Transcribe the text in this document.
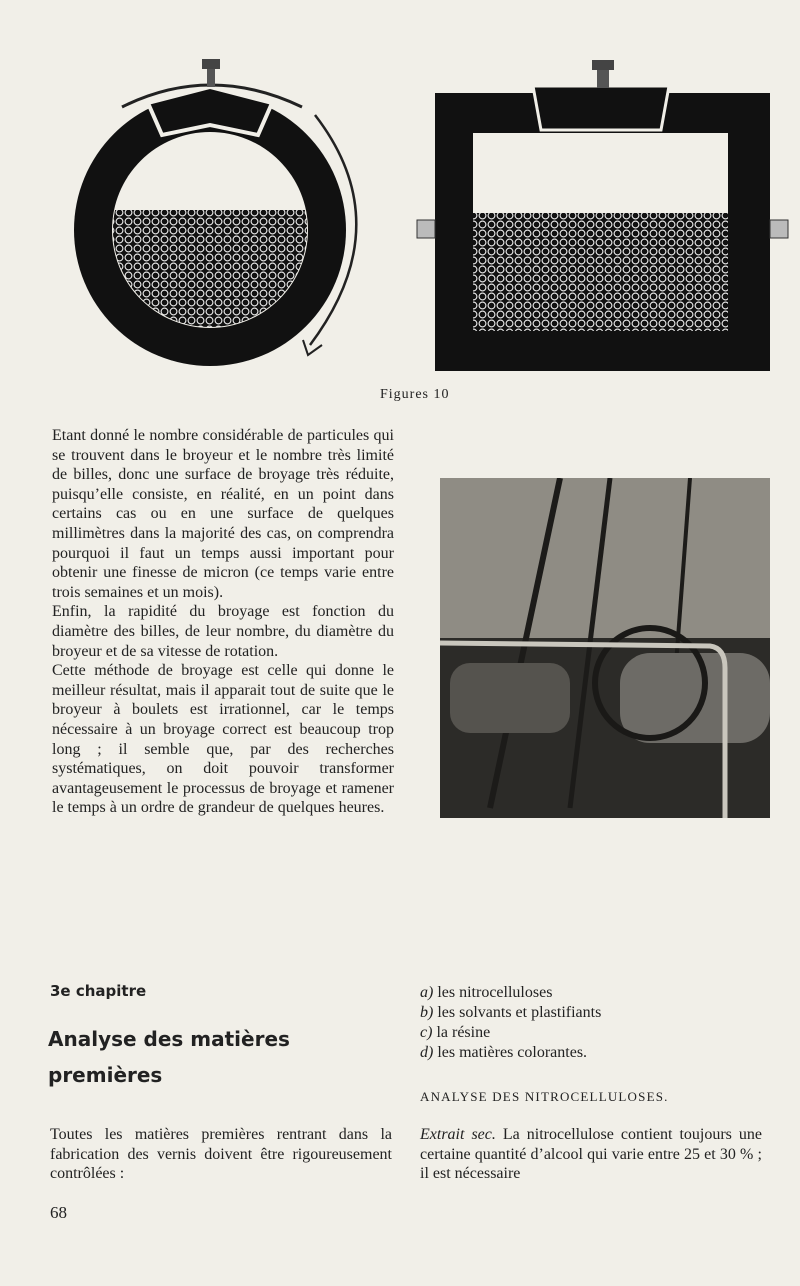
Figures 10

Etant donné le nombre considérable de particules qui se trouvent dans le broyeur et le nombre très limité de billes, donc une surface de broyage très réduite, puisqu’elle consiste, en réalité, en un point dans certains cas ou en une surface de quelques millimètres dans la majorité des cas, on comprendra pourquoi il faut un temps aussi important pour obtenir une finesse de micron (ce temps varie entre trois semaines et un mois).

Enfin, la rapidité du broyage est fonction du diamètre des billes, de leur nombre, du diamètre du broyeur et de sa vitesse de rotation.

Cette méthode de broyage est celle qui donne le meilleur résultat, mais il apparait tout de suite que le broyeur à boulets est irrationnel, car le temps nécessaire à un broyage correct est beaucoup trop long ; il semble que, par des recherches systématiques, on doit pouvoir transformer avantageusement le processus de broyage et ramener le temps à un ordre de grandeur de quelques heures.

3e chapitre
Analyse des matières premières
Toutes les matières premières rentrant dans la fabrication des vernis doivent être rigoureusement contrôlées :
a) les nitrocelluloses
b) les solvants et plastifiants
c) la résine
d) les matières colorantes.
ANALYSE DES NITROCELLULOSES.
Extrait sec. La nitrocellulose contient toujours une certaine quantité d’alcool qui varie entre 25 et 30 % ; il est nécessaire
68
